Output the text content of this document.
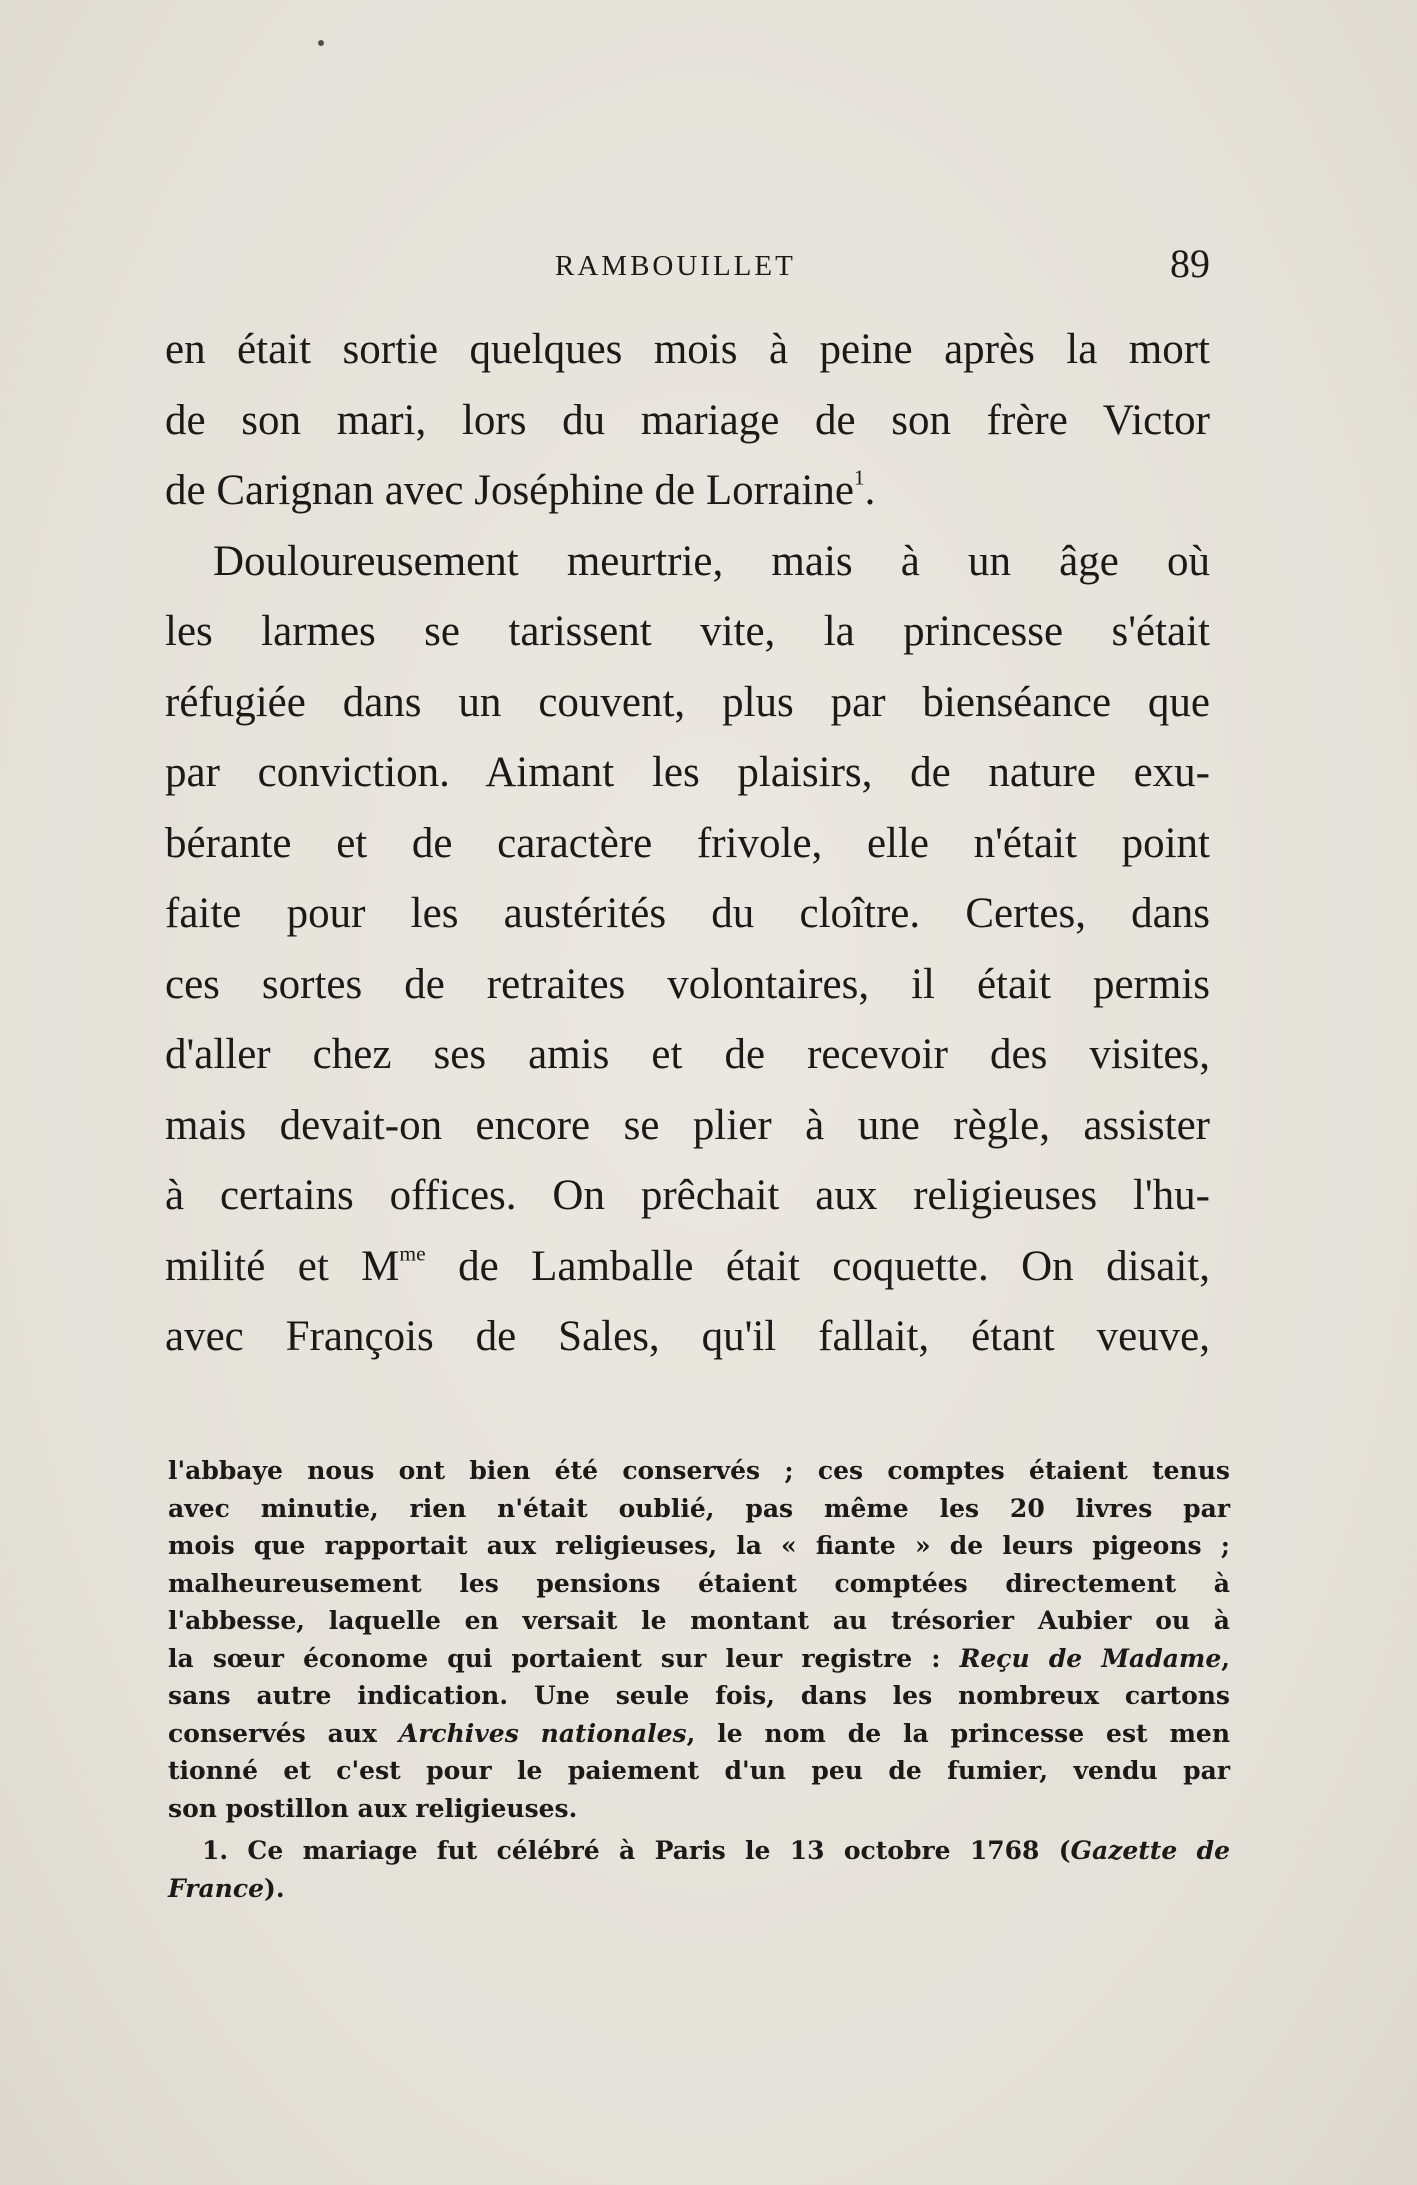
RAMBOUILLET	89
en était sortie quelques mois à peine après la mort
de son mari, lors du mariage de son frère Victor
de Carignan avec Joséphine de Lorraine$^1$.
Douloureusement meurtrie, mais à un âge où
les larmes se tarissent vite, la princesse s'était
réfugiée dans un couvent, plus par bienséance que
par conviction. Aimant les plaisirs, de nature exu-
bérante et de caractère frivole, elle n'était point
faite pour les austérités du cloître. Certes, dans
ces sortes de retraites volontaires, il était permis
d'aller chez ses amis et de recevoir des visites,
mais devait-on encore se plier à une règle, assister
à certains offices. On prêchait aux religieuses l'hu-
milité et $M^{me}$ de Lamballe était coquette. On disait,
avec François de Sales, qu'il fallait, étant veuve,
l'abbaye nous ont bien été conservés ; ces comptes étaient tenus
avec minutie, rien n'était oublié, pas même les 20 livres par
mois que rapportait aux religieuses, la « fiante » de leurs pigeons ;
malheureusement les pensions étaient comptées directement à
l'abbesse, laquelle en versait le montant au trésorier Aubier ou à
la sœur économe qui portaient sur leur registre : Reçu de Madame,
sans autre indication. Une seule fois, dans les nombreux cartons
conservés aux Archives nationales, le nom de la princesse est men
tionné et c'est pour le paiement d'un peu de fumier, vendu par
son postillon aux religieuses.
1. Ce mariage fut célébré à Paris le 13 octobre 1768 (Gazette de
France).
